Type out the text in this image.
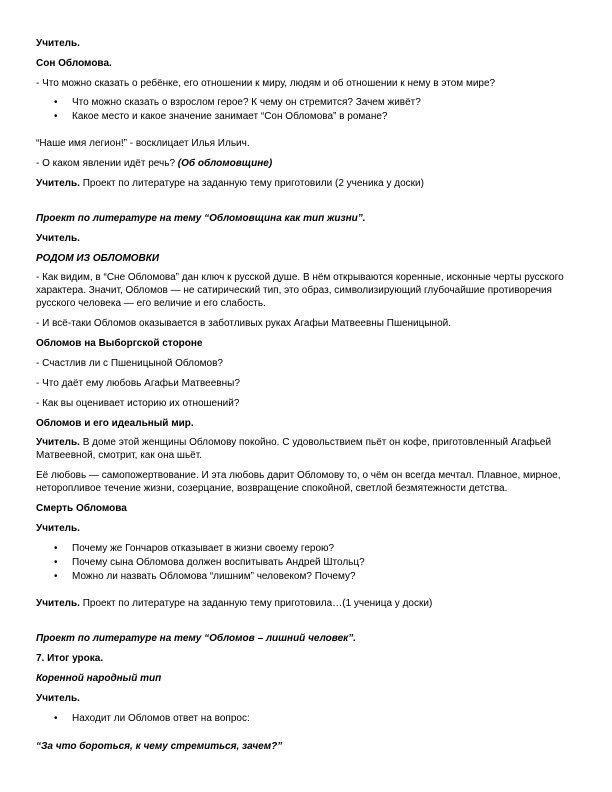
Учитель.
Сон Обломова.
- Что можно сказать о ребёнке, его отношении к миру, людям и об отношении к нему в этом мире?
• Что можно сказать о взрослом герое? К чему он стремится? Зачем живёт?
• Какое место и какое значение занимает “Сон Обломова” в романе?
“Наше имя легион!” - восклицает Илья Ильич.
- О каком явлении идёт речь? (Об обломовщине)
Учитель. Проект по литературе на заданную тему приготовили (2 ученика у доски)
Проект по литературе на тему “Обломовщина как тип жизни”.
Учитель.
РОДОМ ИЗ ОБЛОМОВКИ
- Как видим, в “Сне Обломова” дан ключ к русской душе. В нём открываются коренные, исконные черты русского
характера. Значит, Обломов — не сатирический тип, это образ, символизирующий глубочайшие противоречия
русского человека — его величие и его слабость.
- И всё-таки Обломов оказывается в заботливых руках Агафьи Матвеевны Пшеницыной.
Обломов на Выборгской стороне
- Счастлив ли с Пшеницыной Обломов?
- Что даёт ему любовь Агафьи Матвеевны?
- Как вы оценивает историю их отношений?
Обломов и его идеальный мир.
Учитель. В доме этой женщины Обломову покойно. С удовольствием пьёт он кофе, приготовленный Агафьей
Матвеевной, смотрит, как она шьёт.
Её любовь — самопожертвование. И эта любовь дарит Обломову то, о чём он всегда мечтал. Плавное, мирное,
неторопливое течение жизни, созерцание, возвращение спокойной, светлой безмятежности детства.
Смерть Обломова
Учитель.
• Почему же Гончаров отказывает в жизни своему герою?
• Почему сына Обломова должен воспитывать Андрей Штольц?
• Можно ли назвать Обломова “лишним” человеком? Почему?
Учитель. Проект по литературе на заданную тему приготовила…(1 ученица у доски)
Проект по литературе на тему “Обломов – лишний человек”.
7. Итог урока.
Коренной народный тип
Учитель.
• Находит ли Обломов ответ на вопрос:
“За что бороться, к чему стремиться, зачем?”
